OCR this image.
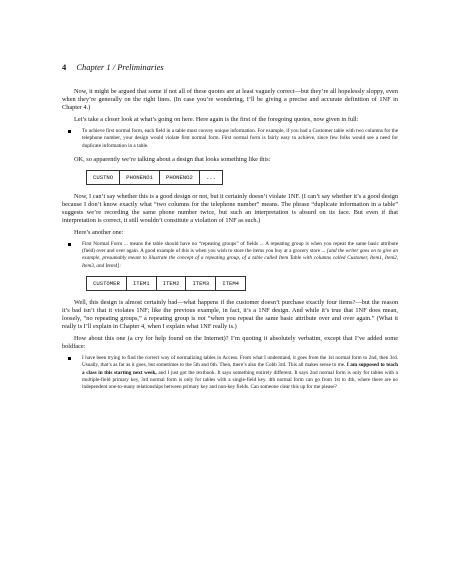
4 Chapter 1 / Preliminaries

Now, it might be argued that some if not all of these quotes are at least vaguely correct—but they’re all hopelessly sloppy, even when they’re generally on the right lines. (In case you’re wondering, I’ll be giving a precise and accurate definition of 1NF in Chapter 4.)

Let’s take a closer look at what’s going on here. Here again is the first of the foregoing quotes, now given in full:

To achieve first normal form, each field in a table must convey unique information. For example, if you had a Customer table with two columns for the telephone number, your design would violate first normal form. First normal form is fairly easy to achieve, since few folks would see a need for duplicate information in a table.

OK, so apparently we’re talking about a design that looks something like this:

CUSTNO	PHONENO1	PHONENO2	...

Now, I can’t say whether this is a good design or not, but it certainly doesn’t violate 1NF. (I can’t say whether it’s a good design because I don’t know exactly what “two columns for the telephone number” means. The phrase “duplicate information in a table” suggests we’re recording the same phone number twice, but such an interpretation is absurd on its face. But even if that interpretation is correct, it still wouldn’t constitute a violation of 1NF as such.)

Here’s another one:

First Normal Form ... means the table should have no “repeating groups” of fields ... A repeating group is when you repeat the same basic attribute (field) over and over again. A good example of this is when you wish to store the items you buy at a grocery store ... [and the writer goes on to give an example, presumably meant to illustrate the concept of a repeating group, of a table called Item Table with columns called Customer, Item1, Item2, Item3, and Item4]:
CUSTOMER	ITEM1	ITEM2	ITEM3	ITEM4

Well, this design is almost certainly bad—what happens if the customer doesn’t purchase exactly four items?—but the reason it’s bad isn’t that it violates 1NF; like the previous example, in fact, it’s a 1NF design. And while it’s true that 1NF does mean, loosely, “no repeating groups,” a repeating group is not “when you repeat the same basic attribute over and over again.” (What it really is I’ll explain in Chapter 4, when I explain what 1NF really is.)

How about this one (a cry for help found on the Internet)? I’m quoting it absolutely verbatim, except that I’ve added some boldface:

I have been trying to find the correct way of normalizing tables in Access. From what I understand, it goes from the 1st normal form to 2nd, then 3rd. Usually, that’s as far as it goes, but sometimes to the 5th and 6th. Then, there’s also the Cobb 3rd. This all makes sense to me. I am supposed to teach a class in this starting next week, and I just got the textbook. It says something entirely different. It says 2nd normal form is only for tables with a multiple-field primary key, 3rd normal form is only for tables with a single-field key. 4th normal form can go from 1st to 4th, where there are no independent one-to-many relationships between primary key and non-key fields. Can someone clear this up for me please?
